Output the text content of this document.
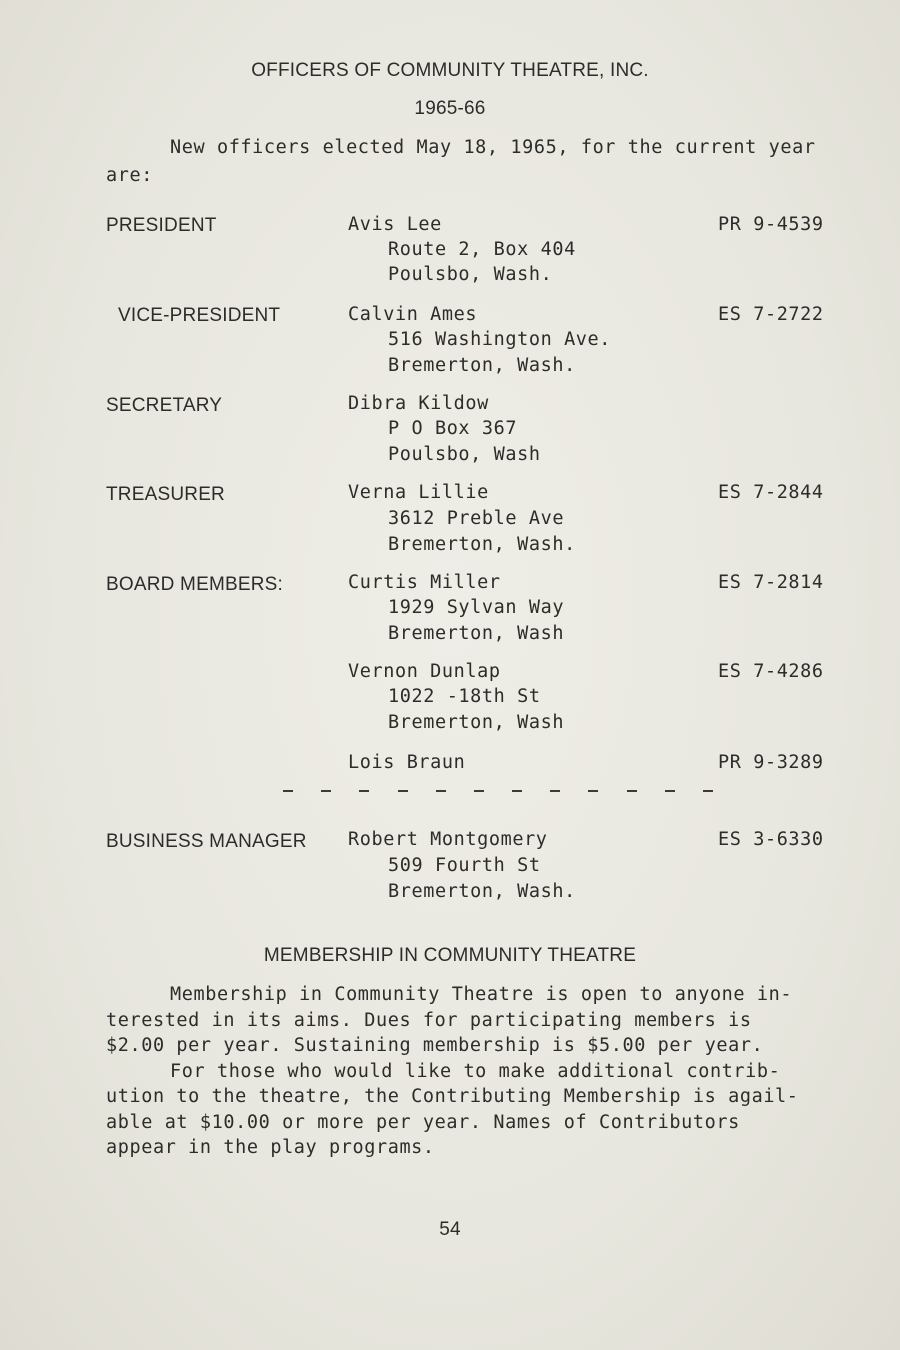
OFFICERS OF COMMUNITY THEATRE, INC.
1965-66
New officers elected May 18, 1965, for the current year
are:
PRESIDENT	Avis Lee
Route 2, Box 404
Poulsbo, Wash.
PR 9-4539
VICE-PRESIDENT	Calvin Ames
516 Washington Ave.
Bremerton, Wash.
ES 7-2722
SECRETARY	Dibra Kildow
P O Box 367
Poulsbo, Wash
TREASURER	Verna Lillie
3612 Preble Ave
Bremerton, Wash.
ES 7-2844
BOARD MEMBERS:	Curtis Miller
1929 Sylvan Way
Bremerton, Wash
ES 7-2814
Vernon Dunlap
1022 -18th St
Bremerton, Wash
ES 7-4286
Lois Braun	PR 9-3289
BUSINESS MANAGER Robert Montgomery
509 Fourth St
Bremerton, Wash.
ES 3-6330
MEMBERSHIP IN COMMUNITY THEATRE
Membership in Community Theatre is open to anyone in-
terested in its aims. Dues for participating members is
$2.00 per year. Sustaining membership is $5.00 per year.
For those who would like to make additional contrib-
ution to the theatre, the Contributing Membership is agail-
able at $10.00 or more per year. Names of Contributors
appear in the play programs.
54
